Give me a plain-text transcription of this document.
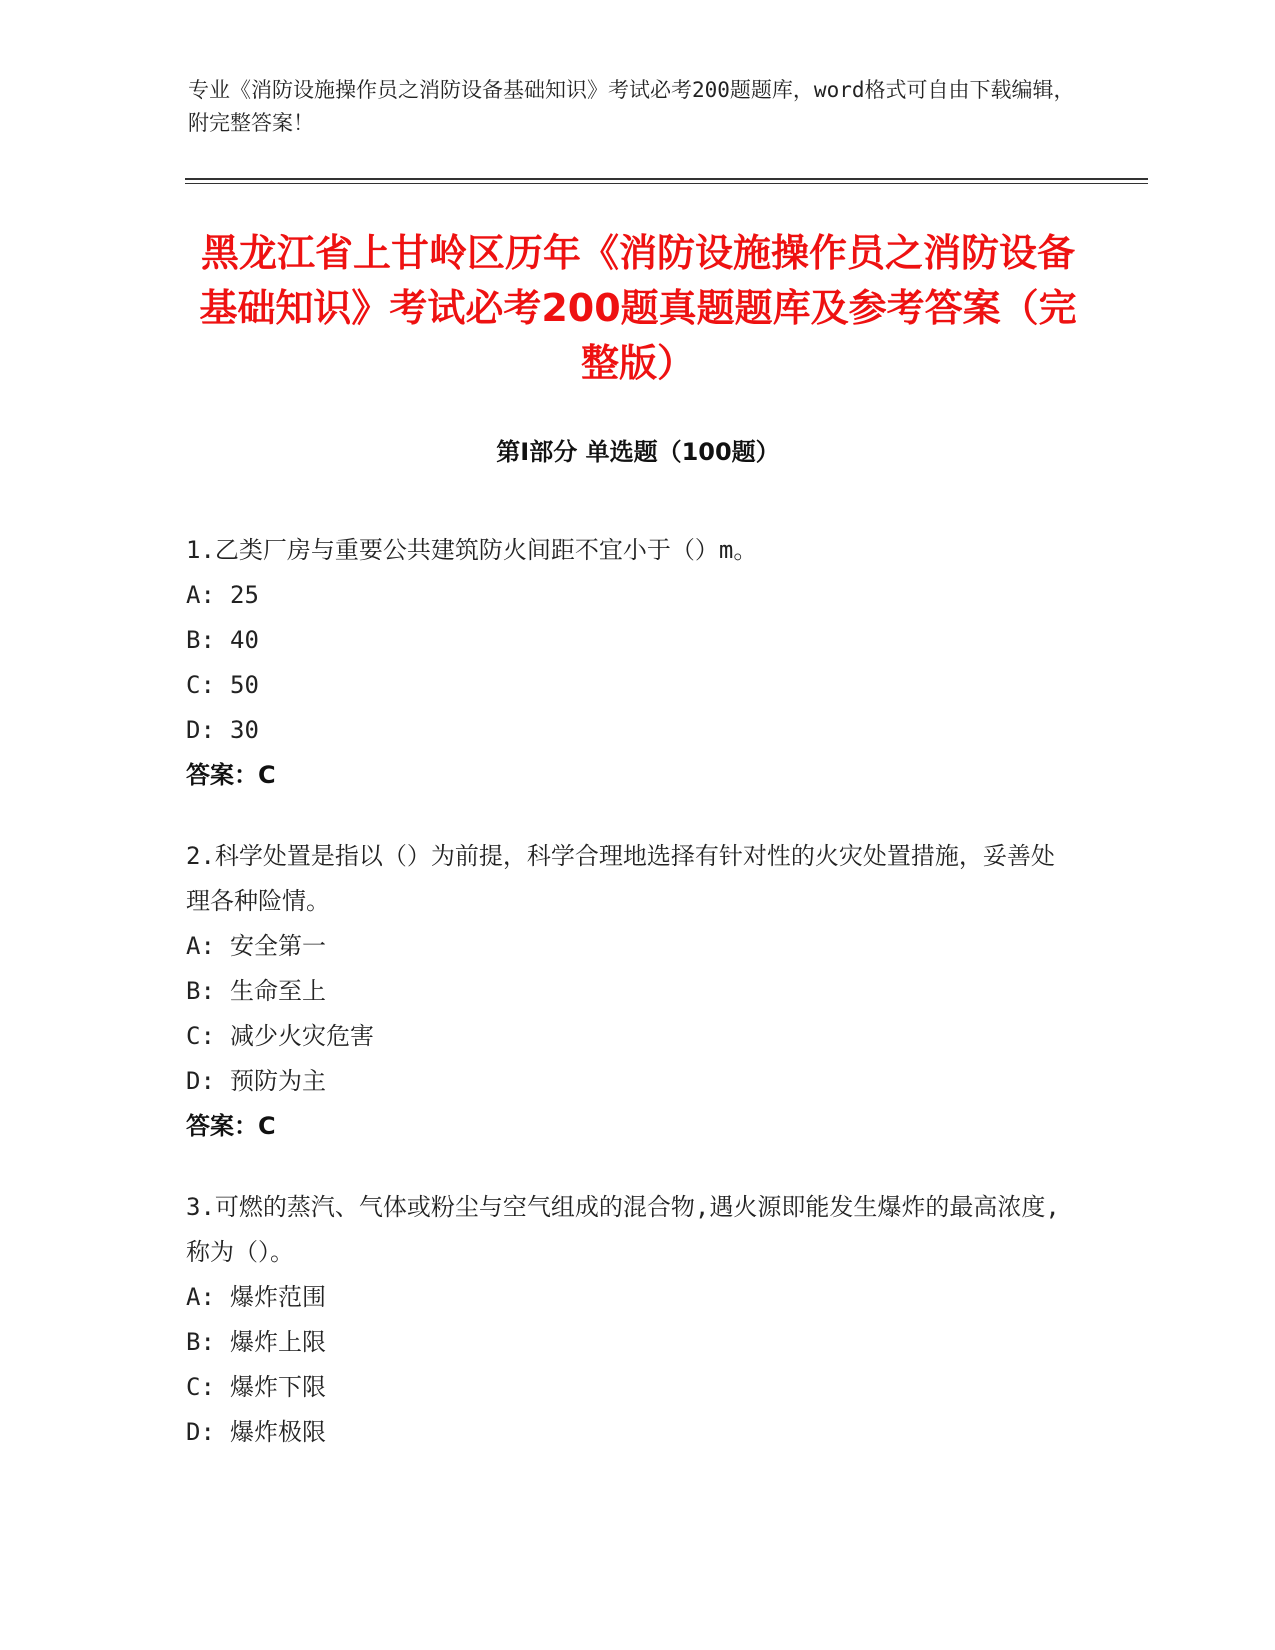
专业《消防设施操作员之消防设备基础知识》考试必考200题题库，word格式可自由下载编辑，附完整答案！
黑龙江省上甘岭区历年《消防设施操作员之消防设备基础知识》考试必考200题真题题库及参考答案（完整版）
第Ⅰ部分 单选题（100题）

1.乙类厂房与重要公共建筑防火间距不宜小于（）m。

A: 25

B: 40

C: 50

D: 30

答案：C

2.科学处置是指以（）为前提，科学合理地选择有针对性的火灾处置措施，妥善处理各种险情。

A: 安全第一

B: 生命至上

C: 减少火灾危害

D: 预防为主

答案：C

3.可燃的蒸汽、气体或粉尘与空气组成的混合物,遇火源即能发生爆炸的最高浓度,称为（）。

A: 爆炸范围

B: 爆炸上限

C: 爆炸下限

D: 爆炸极限
